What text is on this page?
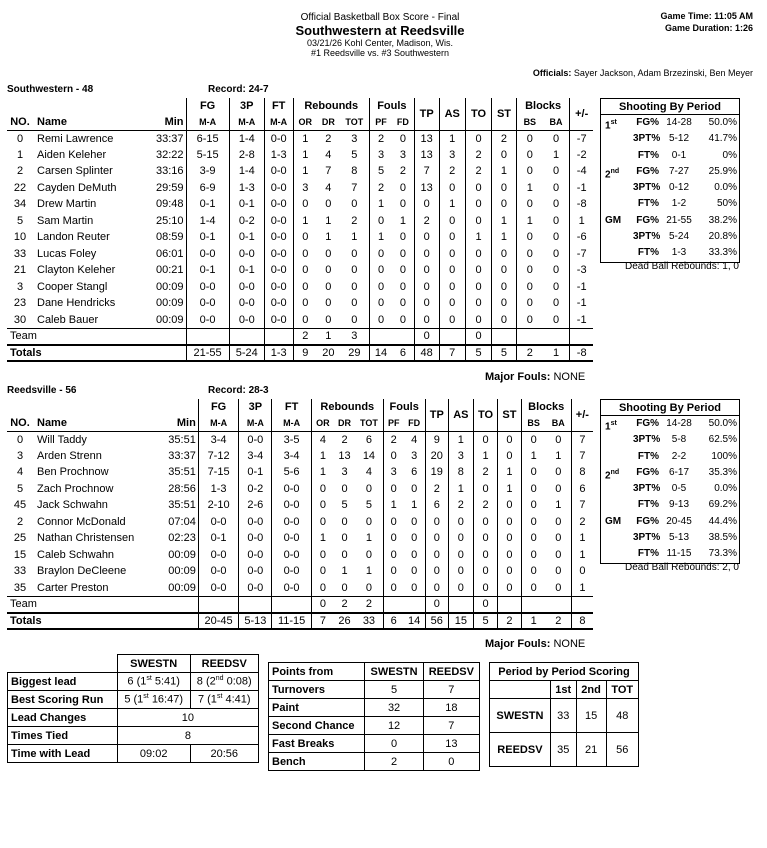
Official Basketball Box Score - Final
Southwestern at Reedsville
03/21/26 Kohl Center, Madison, Wis.
#1 Reedsville vs. #3 Southwestern
Game Time: 11:05 AM
Game Duration: 1:26
Officials: Sayer Jackson, Adam Brzezinski, Ben Meyer
Southwestern - 48	Record: 24-7
			FG	3P	FT	Rebounds			Fouls		TP	AS	TO	ST	Blocks		+/-
NO.	Name	Min	M-A	M-A	M-A	OR	DR	TOT	PF	FD					BS	BA	
0	Remi Lawrence	33:37	6-15	1-4	0-0	1	2	3	2	0	13	1	0	2	0	0	-7
1	Aiden Keleher	32:22	5-15	2-8	1-3	1	4	5	3	3	13	3	2	0	0	1	-2
2	Carsen Splinter	33:16	3-9	1-4	0-0	1	7	8	5	2	7	2	2	1	0	0	-4
22	Cayden DeMuth	29:59	6-9	1-3	0-0	3	4	7	2	0	13	0	0	0	1	0	-1
34	Drew Martin	09:48	0-1	0-1	0-0	0	0	0	1	0	0	1	0	0	0	0	-8
5	Sam Martin	25:10	1-4	0-2	0-0	1	1	2	0	1	2	0	0	1	1	0	1
10	Landon Reuter	08:59	0-1	0-1	0-0	0	1	1	1	0	0	0	1	1	0	0	-6
33	Lucas Foley	06:01	0-0	0-0	0-0	0	0	0	0	0	0	0	0	0	0	0	-7
21	Clayton Keleher	00:21	0-1	0-1	0-0	0	0	0	0	0	0	0	0	0	0	0	-3
3	Cooper Stangl	00:09	0-0	0-0	0-0	0	0	0	0	0	0	0	0	0	0	0	-1
23	Dane Hendricks	00:09	0-0	0-0	0-0	0	0	0	0	0	0	0	0	0	0	0	-1
30	Caleb Bauer	00:09	0-0	0-0	0-0	0	0	0	0	0	0	0	0	0	0	0	-1
Team						2	1	3			0		0				
Totals			21-55	5-24	1-3	9	20	29	14	6	48	7	5	5	2	1	-8
Shooting By Period
1st	FG% 14-28	50.0%
3PT% 5-12	41.7%
FT%	0-1	0%
2nd	FG% 7-27	25.9%
3PT% 0-12	0.0%
FT%	1-2	50%
GM	FG% 21-55	38.2%
3PT% 5-24	20.8%
FT%	1-3	33.3%
Dead Ball Rebounds: 1, 0
Major Fouls: NONE
Reedsville - 56	Record: 28-3
			FG	3P	FT	Rebounds			Fouls		TP	AS	TO	ST	Blocks		+/-
NO.	Name	Min	M-A	M-A	M-A	OR	DR	TOT	PF	FD					BS	BA	
0	Will Taddy	35:51	3-4	0-0	3-5	4	2	6	2	4	9	1	0	0	0	0	7
3	Arden Strenn	33:37	7-12	3-4	3-4	1	13	14	0	3	20	3	1	0	1	1	7
4	Ben Prochnow	35:51	7-15	0-1	5-6	1	3	4	3	6	19	8	2	1	0	0	8
5	Zach Prochnow	28:56	1-3	0-2	0-0	0	0	0	0	0	2	1	0	1	0	0	6
45	Jack Schwahn	35:51	2-10	2-6	0-0	0	5	5	1	1	6	2	2	0	0	1	7
2	Connor McDonald	07:04	0-0	0-0	0-0	0	0	0	0	0	0	0	0	0	0	0	2
25	Nathan Christensen	02:23	0-1	0-0	0-0	1	0	1	0	0	0	0	0	0	0	0	1
15	Caleb Schwahn	00:09	0-0	0-0	0-0	0	0	0	0	0	0	0	0	0	0	0	1
33	Braylon DeCleene	00:09	0-0	0-0	0-0	0	1	1	0	0	0	0	0	0	0	0	0
35	Carter Preston	00:09	0-0	0-0	0-0	0	0	0	0	0	0	0	0	0	0	0	1
Team						0	2	2			0		0				
Totals			20-45	5-13	11-15	7	26	33	6	14	56	15	5	2	1	2	8
Shooting By Period
1st	FG% 14-28	50.0%
3PT%	5-8	62.5%
FT%	2-2	100%
2nd	FG% 6-17	35.3%
3PT%	0-5	0.0%
FT% 9-13	69.2%
GM	FG% 20-45	44.4%
3PT% 5-13	38.5%
FT% 11-15	73.3%
Dead Ball Rebounds: 2, 0
Major Fouls: NONE
	SWESTN	REEDSV
Biggest lead	6 (1st 5:41)	8 (2nd 0:08)
Best Scoring Run	5 (1st 16:47)	7 (1st 4:41)
Lead Changes	10	
Times Tied	8	
Time with Lead	09:02	20:56
Points from	SWESTN	REEDSV
Turnovers	5	7
Paint	32	18
Second Chance	12	7
Fast Breaks	0	13
Bench	2	0
Period by Period Scoring			
	1st	2nd	TOT
SWESTN	33	15	48
REEDSV	35	21	56
